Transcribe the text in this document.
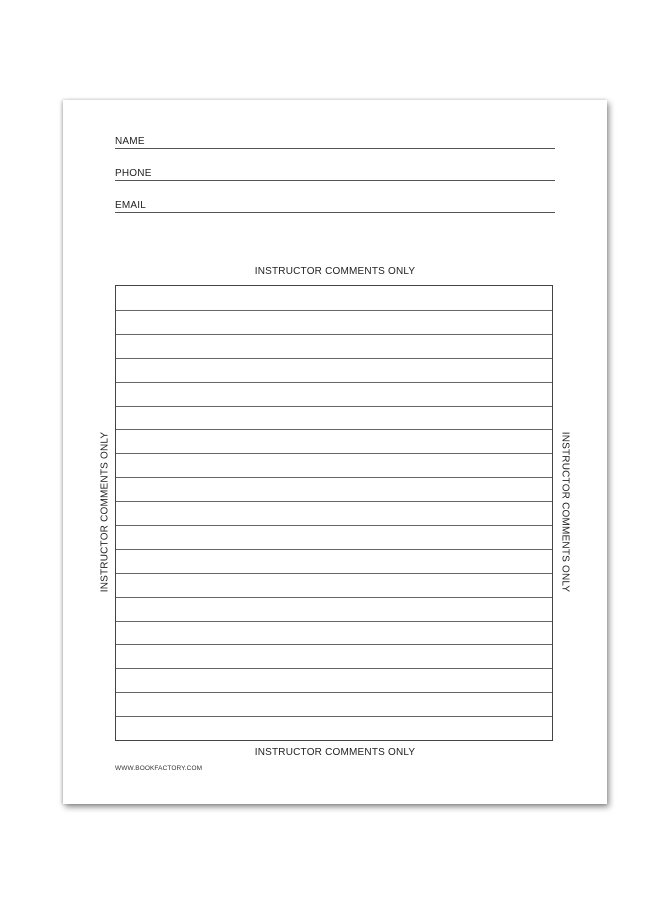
NAME
PHONE
EMAIL
INSTRUCTOR COMMENTS ONLY
INSTRUCTOR COMMENTS ONLY	INSTRUCTOR COMMENTS ONLY
INSTRUCTOR COMMENTS ONLY
WWW.BOOKFACTORY.COM
